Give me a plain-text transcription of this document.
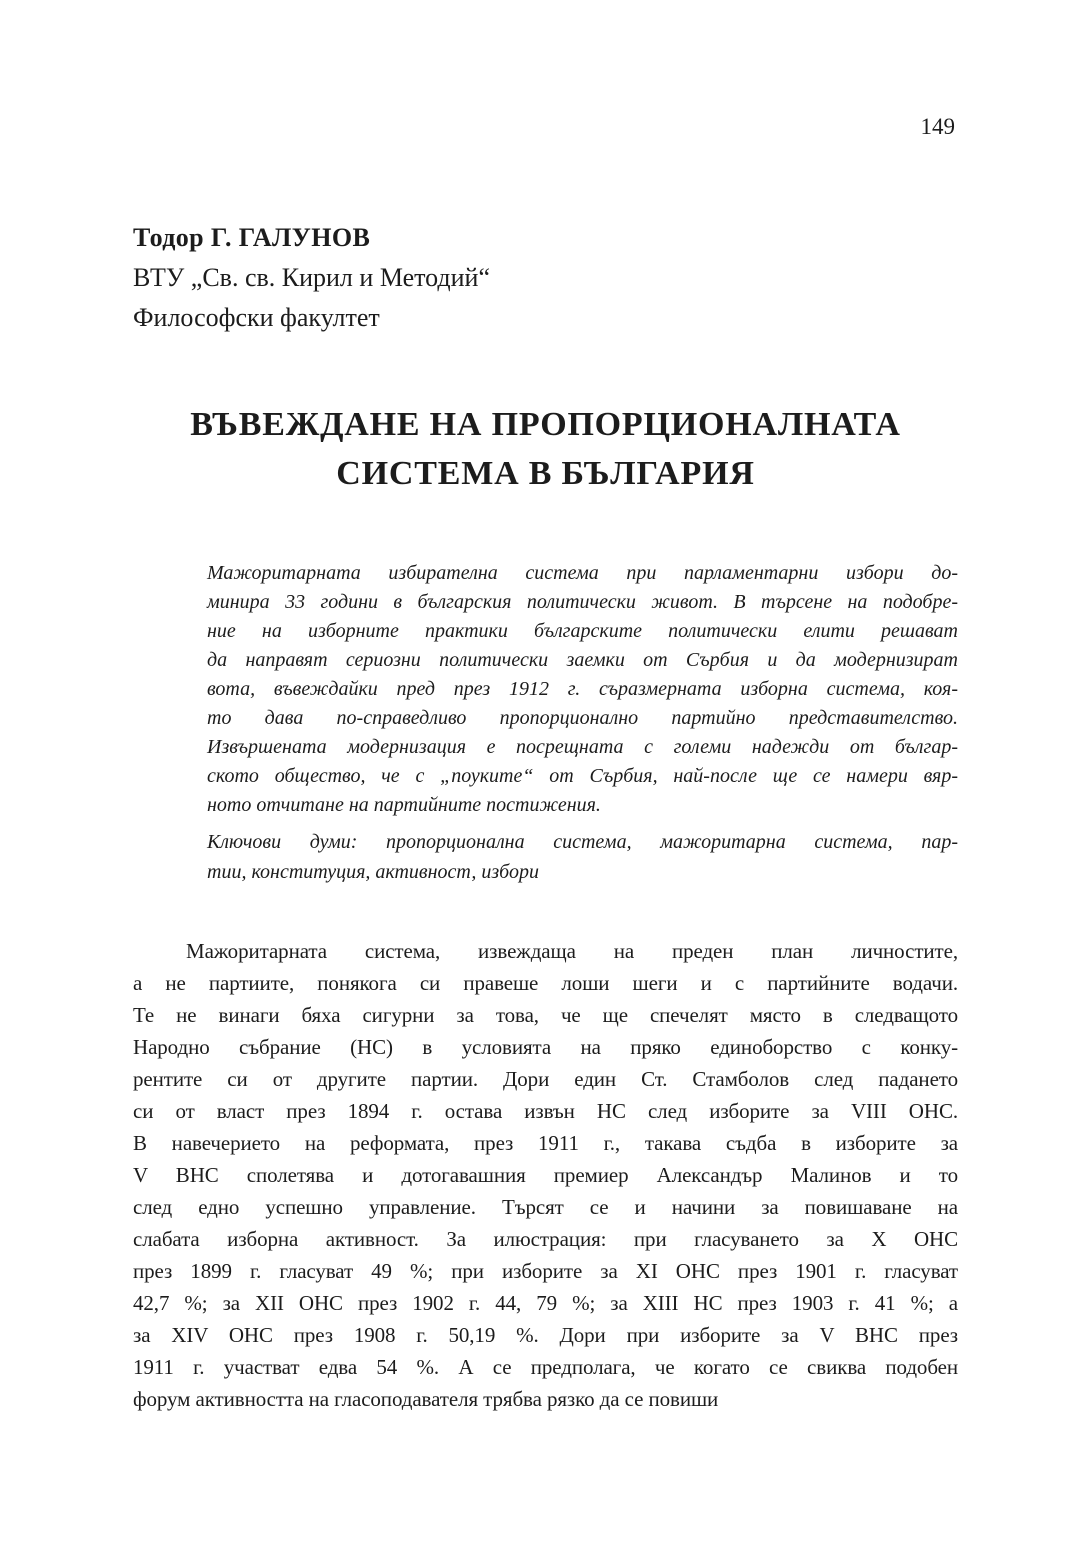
149
Тодор Г. ГАЛУНОВ
ВТУ „Св. св. Кирил и Методий“
Философски факултет
ВЪВЕЖДАНЕ НА ПРОПОРЦИОНАЛНАТА
СИСТЕМА В БЪЛГАРИЯ
Мажоритарната избирателна система при парламентарни избори до-
минира 33 години в българския политически живот. В търсене на подобре-
ние на изборните практики българските политически елити решават
да направят сериозни политически заемки от Сърбия и да модернизират
вота, въвеждайки пред през 1912 г. съразмерната изборна система, коя-
то дава по-справедливо пропорционално партийно представителство.
Извършената модернизация е посрещната с големи надежди от българ-
ското общество, че с „поуките“ от Сърбия, най-после ще се намери вяр-
ното отчитане на партийните постижения.
Ключови думи: пропорционална система, мажоритарна система, пар-
тии, конституция, активност, избори
Мажоритарната система, извеждаща на преден план личностите,
а не партиите, понякога си правеше лоши шеги и с партийните водачи.
Те не винаги бяха сигурни за това, че ще спечелят място в следващото
Народно събрание (НС) в условията на пряко единоборство с конку-
рентите си от другите партии. Дори един Ст. Стамболов след падането
си от власт през 1894 г. остава извън НС след изборите за VIII ОНС.
В навечерието на реформата, през 1911 г., такава съдба в изборите за
V ВНС сполетява и дотогавашния премиер Александър Малинов и то
след едно успешно управление. Търсят се и начини за повишаване на
слабата изборна активност. За илюстрация: при гласуването за X ОНС
през 1899 г. гласуват 49 %; при изборите за XI ОНС през 1901 г. гласуват
42,7 %; за XII ОНС през 1902 г. 44, 79 %; за XIII НС през 1903 г. 41 %; а
за XIV ОНС през 1908 г. 50,19 %. Дори при изборите за V ВНС през
1911 г. участват едва 54 %. А се предполага, че когато се свиква подобен
форум активността на гласоподавателя трябва рязко да се повиши
